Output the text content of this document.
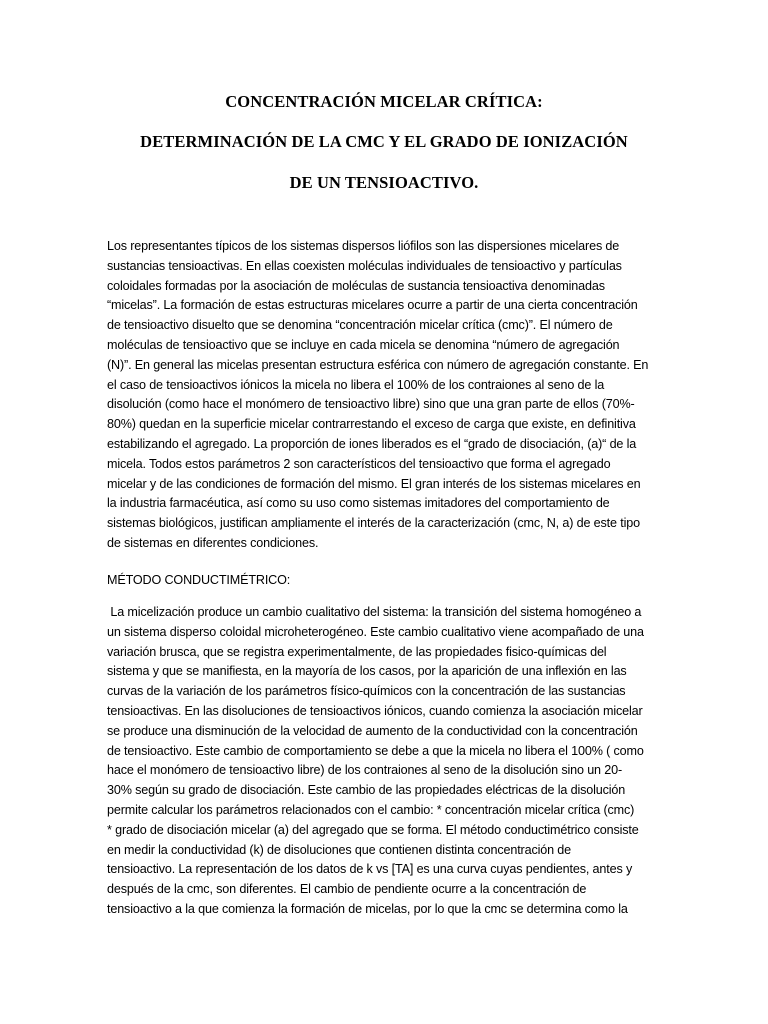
CONCENTRACIÓN MICELAR CRÍTICA:
DETERMINACIÓN DE LA CMC Y EL GRADO DE IONIZACIÓN
DE UN TENSIOACTIVO.
Los representantes típicos de los sistemas dispersos liófilos son las dispersiones micelares de
sustancias tensioactivas. En ellas coexisten moléculas individuales de tensioactivo y partículas
coloidales formadas por la asociación de moléculas de sustancia tensioactiva denominadas
“micelas”. La formación de estas estructuras micelares ocurre a partir de una cierta concentración
de tensioactivo disuelto que se denomina “concentración micelar crítica (cmc)”. El número de
moléculas de tensioactivo que se incluye en cada micela se denomina “número de agregación
(N)”. En general las micelas presentan estructura esférica con número de agregación constante. En
el caso de tensioactivos iónicos la micela no libera el 100% de los contraiones al seno de la
disolución (como hace el monómero de tensioactivo libre) sino que una gran parte de ellos (70%-
80%) quedan en la superficie micelar contrarrestando el exceso de carga que existe, en definitiva
estabilizando el agregado. La proporción de iones liberados es el “grado de disociación, (a)“ de la
micela. Todos estos parámetros 2 son característicos del tensioactivo que forma el agregado
micelar y de las condiciones de formación del mismo. El gran interés de los sistemas micelares en
la industria farmacéutica, así como su uso como sistemas imitadores del comportamiento de
sistemas biológicos, justifican ampliamente el interés de la caracterización (cmc, N, a) de este tipo
de sistemas en diferentes condiciones.
MÉTODO CONDUCTIMÉTRICO:
La micelización produce un cambio cualitativo del sistema: la transición del sistema homogéneo a
un sistema disperso coloidal microheterogéneo. Este cambio cualitativo viene acompañado de una
variación brusca, que se registra experimentalmente, de las propiedades fisico-químicas del
sistema y que se manifiesta, en la mayoría de los casos, por la aparición de una inflexión en las
curvas de la variación de los parámetros físico-químicos con la concentración de las sustancias
tensioactivas. En las disoluciones de tensioactivos iónicos, cuando comienza la asociación micelar
se produce una disminución de la velocidad de aumento de la conductividad con la concentración
de tensioactivo. Este cambio de comportamiento se debe a que la micela no libera el 100% ( como
hace el monómero de tensioactivo libre) de los contraiones al seno de la disolución sino un 20-
30% según su grado de disociación. Este cambio de las propiedades eléctricas de la disolución
permite calcular los parámetros relacionados con el cambio: * concentración micelar crítica (cmc)
* grado de disociación micelar (a) del agregado que se forma. El método conductimétrico consiste
en medir la conductividad (k) de disoluciones que contienen distinta concentración de
tensioactivo. La representación de los datos de k vs [TA] es una curva cuyas pendientes, antes y
después de la cmc, son diferentes. El cambio de pendiente ocurre a la concentración de
tensioactivo a la que comienza la formación de micelas, por lo que la cmc se determina como la
